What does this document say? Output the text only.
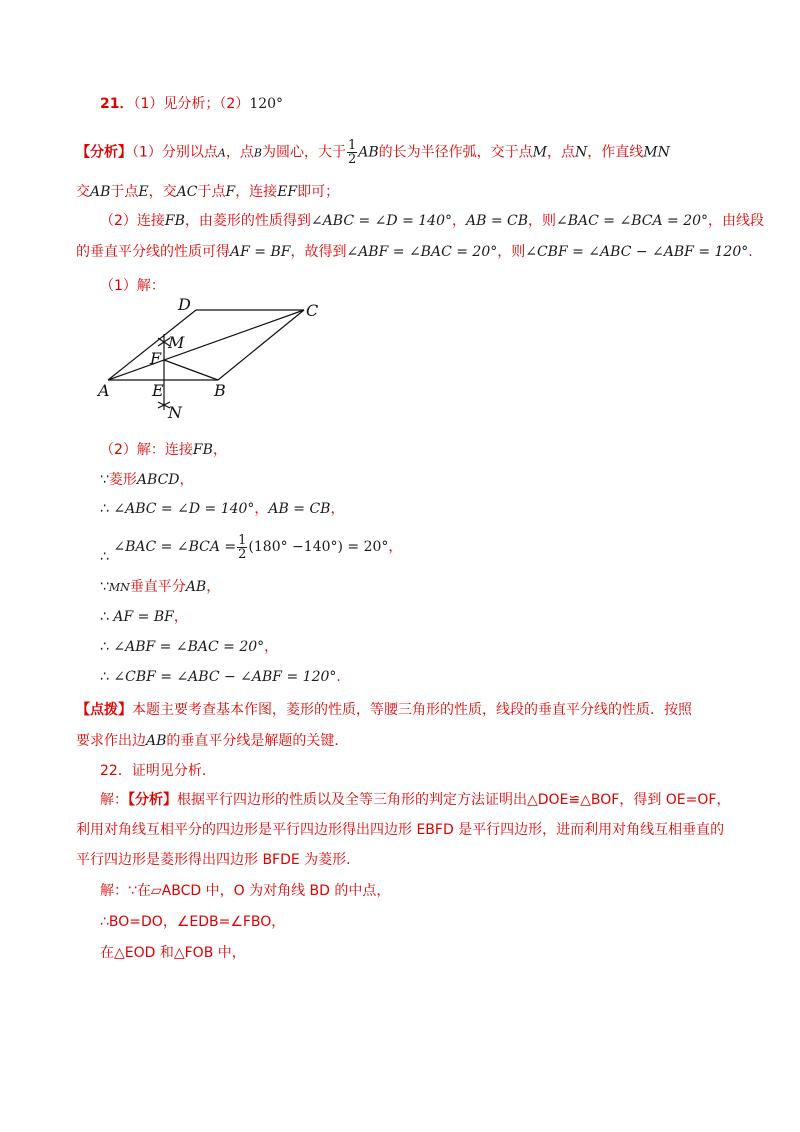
21．（1）见分析；（2）120°
【分析】（1）分别以点A，点B为圆心，大于 $\frac{1}{2}$ AB的长为半径作弧，交于点M，点N，作直线MN
交AB于点E，交AC于点F，连接EF即可；
（2）连接FB，由菱形的性质得到∠ABC = ∠D = 140°，AB = CB，则∠BAC = ∠BCA = 20°，由线段
的垂直平分线的性质可得AF = BF，故得到∠ABF = ∠BAC = 20°，则∠CBF = ∠ABC − ∠ABF = 120°.
（1）解：
D	C
M
F
A	E	B
N
（2）解：连接FB，
∵菱形ABCD，
∴ ∠ABC = ∠D = 140°，AB = CB，
∴ ∠BAC = ∠BCA = $\frac{1}{2} (180^\circ -140^\circ) = 20^\circ$，
∵MN垂直平分AB，
∴ AF = BF，
∴ ∠ABF = ∠BAC = 20°，
∴ ∠CBF = ∠ABC − ∠ABF = 120°.
【点拨】本题主要考查基本作图，菱形的性质，等腰三角形的性质，线段的垂直平分线的性质．按照
要求作出边AB的垂直平分线是解题的关键．
22．证明见分析.
解：【分析】根据平行四边形的性质以及全等三角形的判定方法证明出△DOE≌△BOF，得到 OE=OF，
利用对角线互相平分的四边形是平行四边形得出四边形 EBFD 是平行四边形，进而利用对角线互相垂直的
平行四边形是菱形得出四边形 BFDE 为菱形.
解：∵在▱ABCD 中，O 为对角线 BD 的中点，
∴BO=DO，∠EDB=∠FBO，
在△EOD 和△FOB 中，
